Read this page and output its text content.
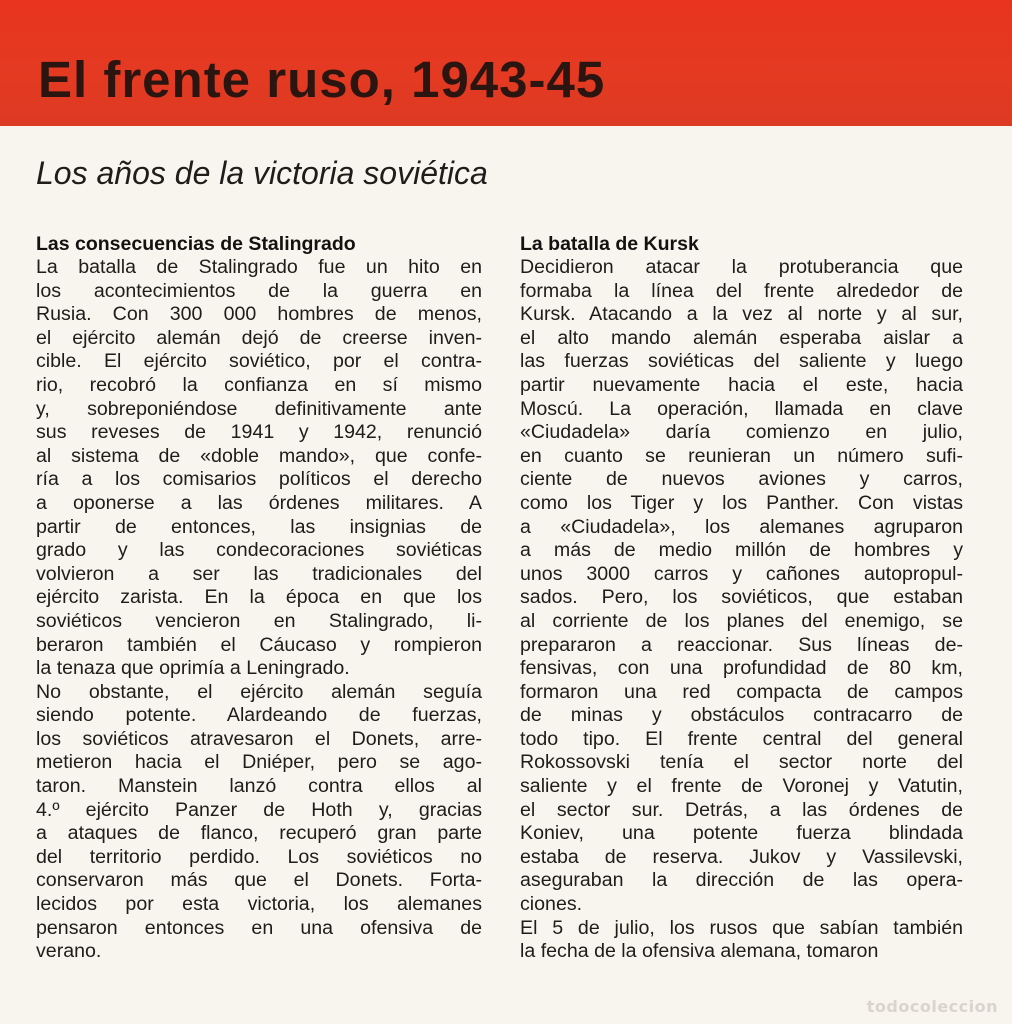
El frente ruso, 1943-45
Los años de la victoria soviética
Las consecuencias de Stalingrado
La batalla de Stalingrado fue un hito en
los acontecimientos de la guerra en
Rusia. Con 300 000 hombres de menos,
el ejército alemán dejó de creerse inven-
cible. El ejército soviético, por el contra-
rio, recobró la confianza en sí mismo
y, sobreponiéndose definitivamente ante
sus reveses de 1941 y 1942, renunció
al sistema de «doble mando», que confe-
ría a los comisarios políticos el derecho
a oponerse a las órdenes militares. A
partir de entonces, las insignias de
grado y las condecoraciones soviéticas
volvieron a ser las tradicionales del
ejército zarista. En la época en que los
soviéticos vencieron en Stalingrado, li-
beraron también el Cáucaso y rompieron
la tenaza que oprimía a Leningrado.
No obstante, el ejército alemán seguía
siendo potente. Alardeando de fuerzas,
los soviéticos atravesaron el Donets, arre-
metieron hacia el Dniéper, pero se ago-
taron. Manstein lanzó contra ellos al
4.º ejército Panzer de Hoth y, gracias
a ataques de flanco, recuperó gran parte
del territorio perdido. Los soviéticos no
conservaron más que el Donets. Forta-
lecidos por esta victoria, los alemanes
pensaron entonces en una ofensiva de
verano.
La batalla de Kursk
Decidieron atacar la protuberancia que
formaba la línea del frente alrededor de
Kursk. Atacando a la vez al norte y al sur,
el alto mando alemán esperaba aislar a
las fuerzas soviéticas del saliente y luego
partir nuevamente hacia el este, hacia
Moscú. La operación, llamada en clave
«Ciudadela» daría comienzo en julio,
en cuanto se reunieran un número sufi-
ciente de nuevos aviones y carros,
como los Tiger y los Panther. Con vistas
a «Ciudadela», los alemanes agruparon
a más de medio millón de hombres y
unos 3000 carros y cañones autopropul-
sados. Pero, los soviéticos, que estaban
al corriente de los planes del enemigo, se
prepararon a reaccionar. Sus líneas de-
fensivas, con una profundidad de 80 km,
formaron una red compacta de campos
de minas y obstáculos contracarro de
todo tipo. El frente central del general
Rokossovski tenía el sector norte del
saliente y el frente de Voronej y Vatutin,
el sector sur. Detrás, a las órdenes de
Koniev, una potente fuerza blindada
estaba de reserva. Jukov y Vassilevski,
aseguraban la dirección de las opera-
ciones.
El 5 de julio, los rusos que sabían también
la fecha de la ofensiva alemana, tomaron
todocoleccion
